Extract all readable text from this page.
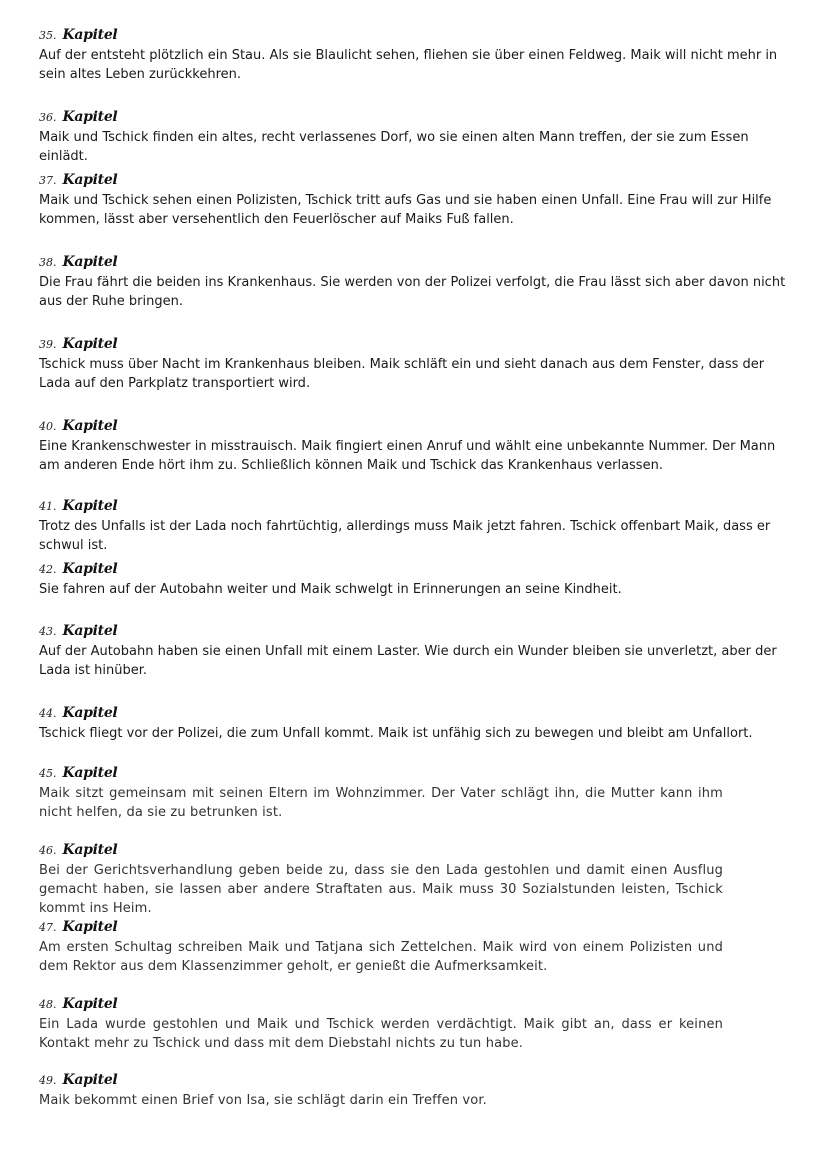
35. Kapitel

Auf der entsteht plötzlich ein Stau. Als sie Blaulicht sehen, fliehen sie über einen Feldweg. Maik will nicht mehr in sein altes Leben zurückkehren.

36. Kapitel

Maik und Tschick finden ein altes, recht verlassenes Dorf, wo sie einen alten Mann treffen, der sie zum Essen einlädt.

37. Kapitel

Maik und Tschick sehen einen Polizisten, Tschick tritt aufs Gas und sie haben einen Unfall. Eine Frau will zur Hilfe kommen, lässt aber versehentlich den Feuerlöscher auf Maiks Fuß fallen.

38. Kapitel

Die Frau fährt die beiden ins Krankenhaus. Sie werden von der Polizei verfolgt, die Frau lässt sich aber davon nicht aus der Ruhe bringen.

39. Kapitel

Tschick muss über Nacht im Krankenhaus bleiben. Maik schläft ein und sieht danach aus dem Fenster, dass der Lada auf den Parkplatz transportiert wird.

40. Kapitel

Eine Krankenschwester in misstrauisch. Maik fingiert einen Anruf und wählt eine unbekannte Nummer. Der Mann am anderen Ende hört ihm zu. Schließlich können Maik und Tschick das Krankenhaus verlassen.

41. Kapitel

Trotz des Unfalls ist der Lada noch fahrtüchtig, allerdings muss Maik jetzt fahren. Tschick offenbart Maik, dass er schwul ist.

42. Kapitel

Sie fahren auf der Autobahn weiter und Maik schwelgt in Erinnerungen an seine Kindheit.

43. Kapitel

Auf der Autobahn haben sie einen Unfall mit einem Laster. Wie durch ein Wunder bleiben sie unverletzt, aber der Lada ist hinüber.

44. Kapitel

Tschick fliegt vor der Polizei, die zum Unfall kommt. Maik ist unfähig sich zu bewegen und bleibt am Unfallort.

45. Kapitel

Maik sitzt gemeinsam mit seinen Eltern im Wohnzimmer. Der Vater schlägt ihn, die Mutter kann ihm nicht helfen, da sie zu betrunken ist.

46. Kapitel

Bei der Gerichtsverhandlung geben beide zu, dass sie den Lada gestohlen und damit einen Ausflug gemacht haben, sie lassen aber andere Straftaten aus. Maik muss 30 Sozialstunden leisten, Tschick kommt ins Heim.

47. Kapitel

Am ersten Schultag schreiben Maik und Tatjana sich Zettelchen. Maik wird von einem Polizisten und dem Rektor aus dem Klassenzimmer geholt, er genießt die Aufmerksamkeit.

48. Kapitel

Ein Lada wurde gestohlen und Maik und Tschick werden verdächtigt. Maik gibt an, dass er keinen Kontakt mehr zu Tschick und dass mit dem Diebstahl nichts zu tun habe.

49. Kapitel

Maik bekommt einen Brief von Isa, sie schlägt darin ein Treffen vor.
